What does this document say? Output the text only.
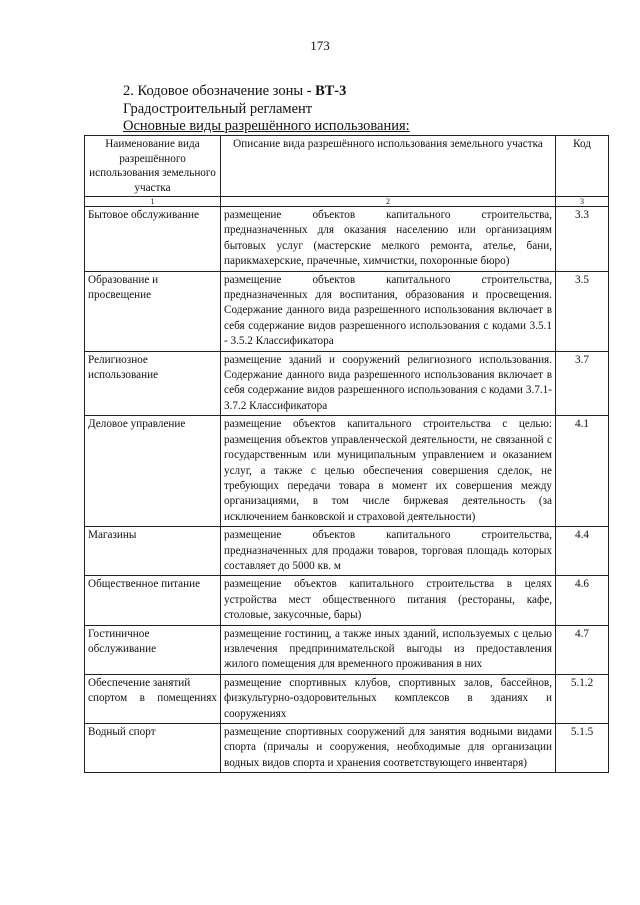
173
2. Кодовое обозначение зоны - ВТ-3
Градостроительный регламент
Основные виды разрешённого использования:
Наименование вида разрешённого использования земельного участка	Описание вида разрешённого использования земельного участка	Код
1	2	3
Бытовое обслуживание	размещение объектов капитального строительства, предназначенных для оказания населению или организациям бытовых услуг (мастерские мелкого ремонта, ателье, бани, парикмахерские, прачечные, химчистки, похоронные бюро)	3.3
Образование и просвещение	размещение объектов капитального строительства, предназначенных для воспитания, образования и просвещения. Содержание данного вида разрешенного использования включает в себя содержание видов разрешенного использования с кодами 3.5.1 - 3.5.2 Классификатора	3.5
Религиозное использование	размещение зданий и сооружений религиозного использования. Содержание данного вида разрешенного использования включает в себя содержание видов разрешенного использования с кодами 3.7.1-3.7.2 Классификатора	3.7
Деловое управление	размещение объектов капитального строительства с целью: размещения объектов управленческой деятельности, не связанной с государственным или муниципальным управлением и оказанием услуг, а также с целью обеспечения совершения сделок, не требующих передачи товара в момент их совершения между организациями, в том числе биржевая деятельность (за исключением банковской и страховой деятельности)	4.1
Магазины	размещение объектов капитального строительства, предназначенных для продажи товаров, торговая площадь которых составляет до 5000 кв. м	4.4
Общественное питание	размещение объектов капитального строительства в целях устройства мест общественного питания (рестораны, кафе, столовые, закусочные, бары)	4.6
Гостиничное обслуживание	размещение гостиниц, а также иных зданий, используемых с целью извлечения предпринимательской выгоды из предоставления жилого помещения для временного проживания в них	4.7
Обеспечение занятий спортом в помещениях	размещение спортивных клубов, спортивных залов, бассейнов, физкультурно-оздоровительных комплексов в зданиях и сооружениях	5.1.2
Водный спорт	размещение спортивных сооружений для занятия водными видами спорта (причалы и сооружения, необходимые для организации водных видов спорта и хранения соответствующего инвентаря)	5.1.5
